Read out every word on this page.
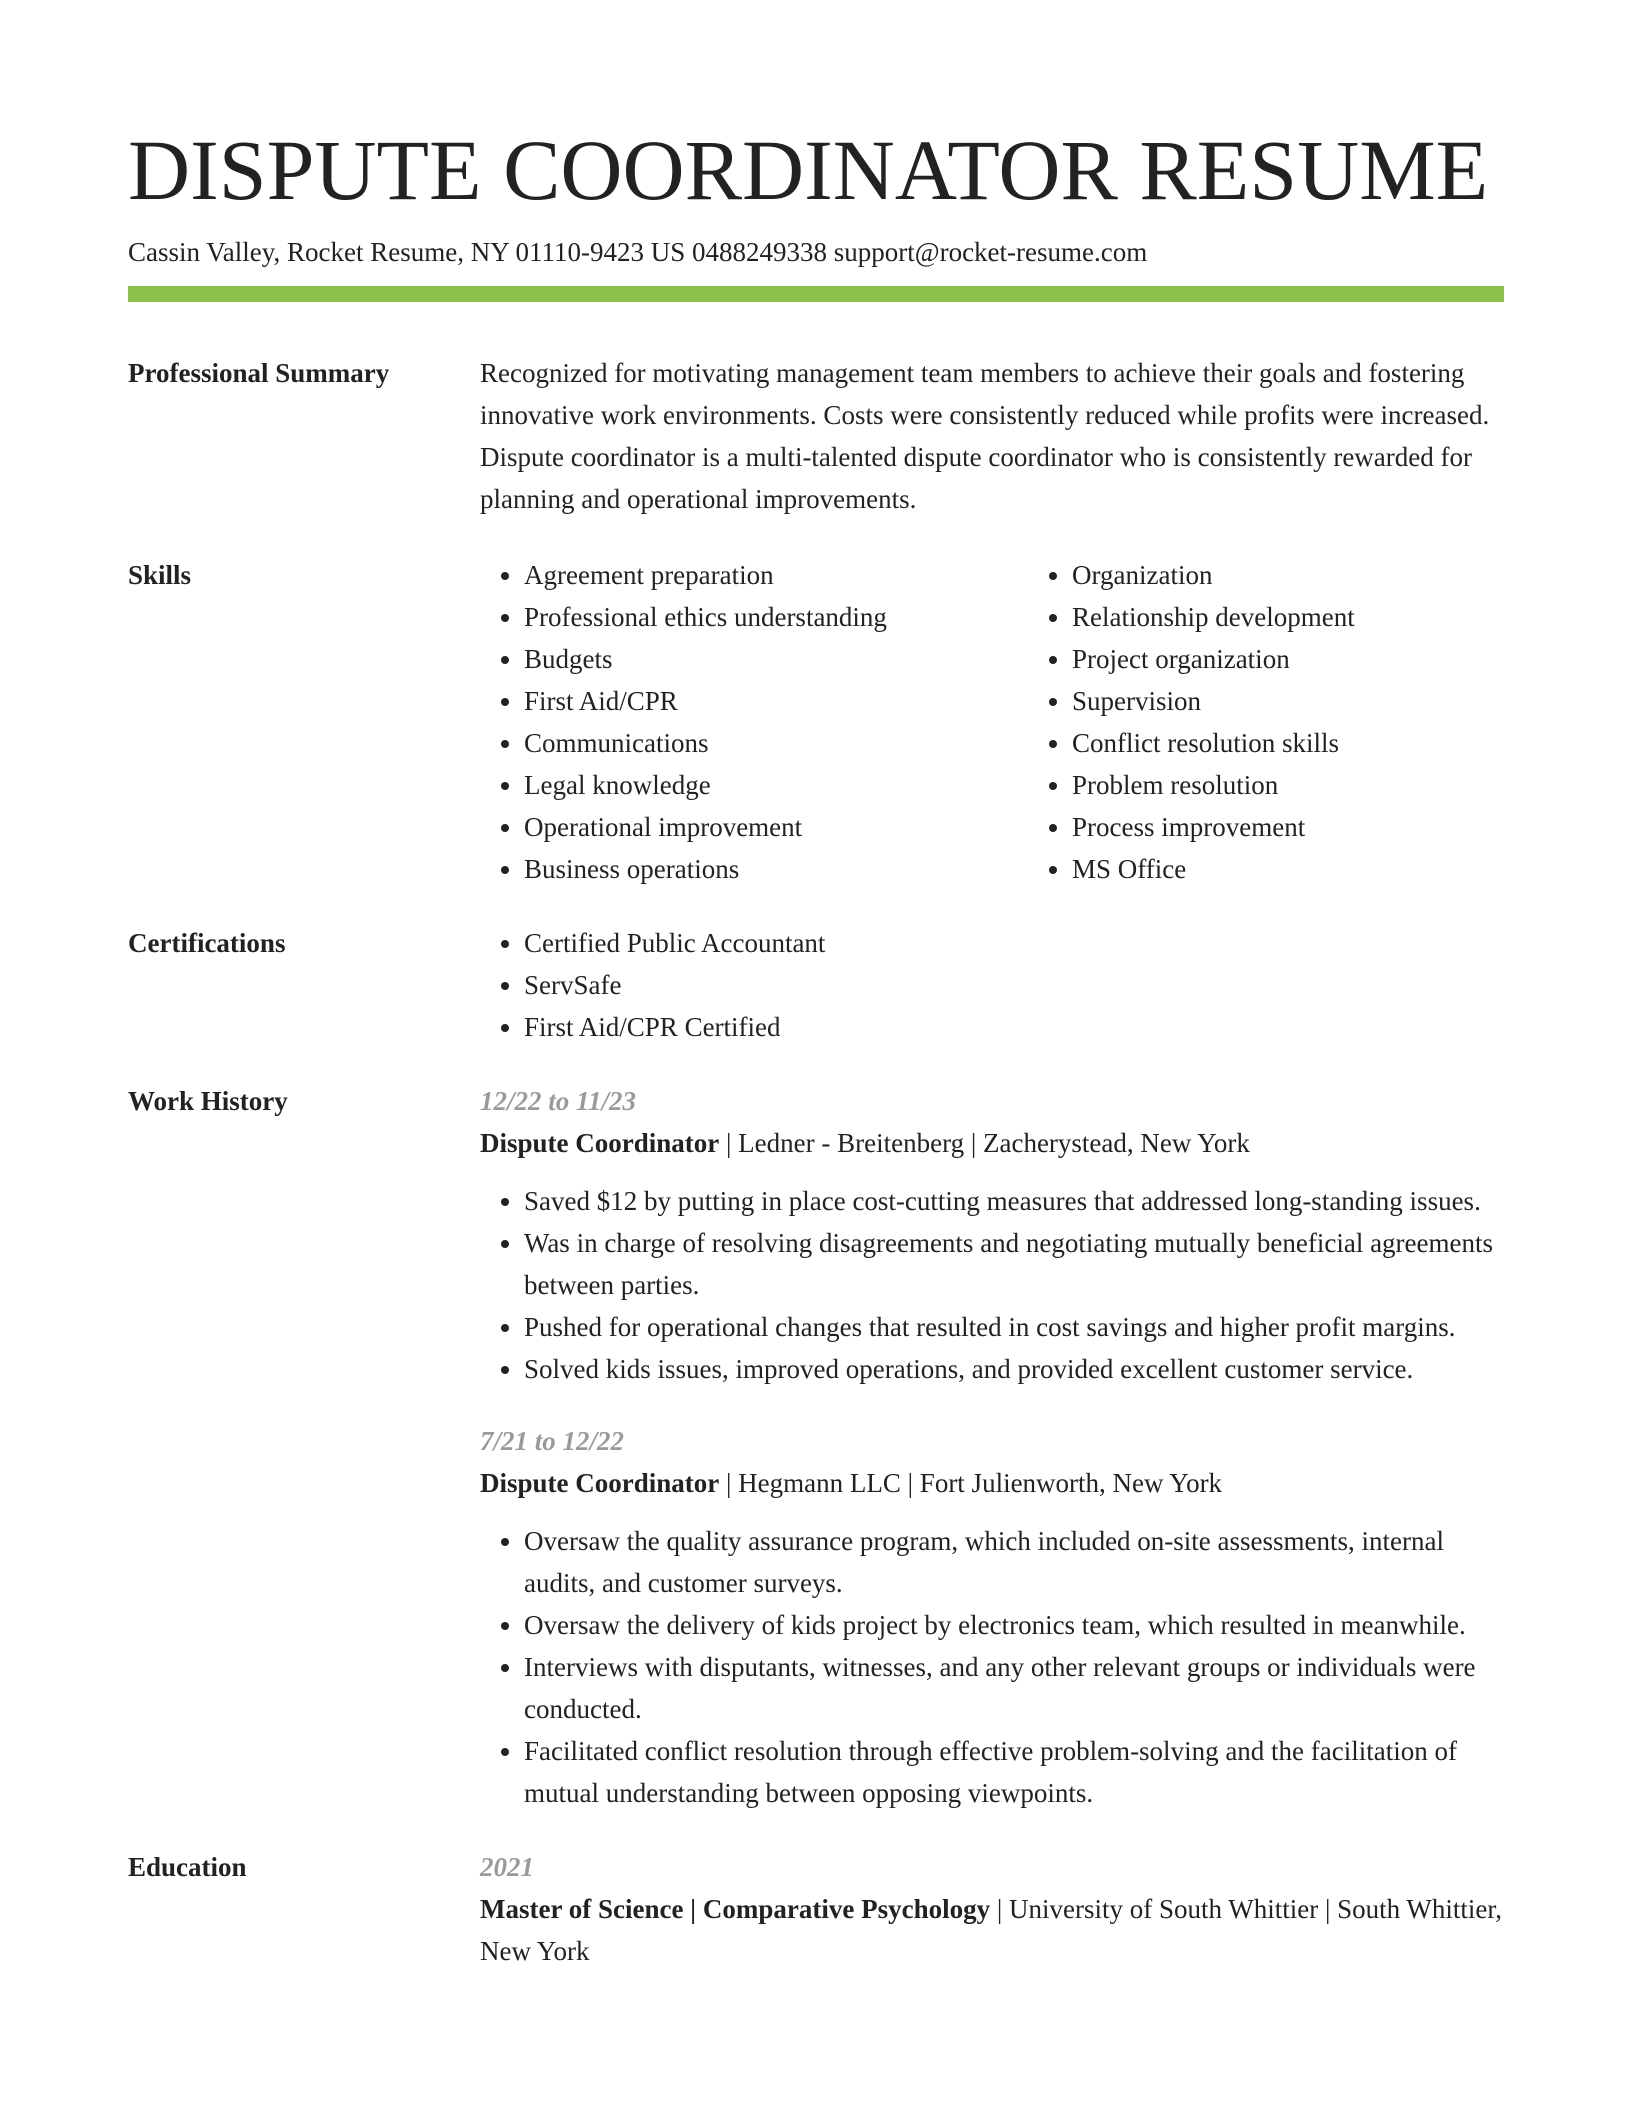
DISPUTE COORDINATOR RESUME
Cassin Valley, Rocket Resume, NY 01110-9423 US 0488249338 support@rocket-resume.com
Professional Summary	Recognized for motivating management team members to achieve their goals and fostering innovative work environments. Costs were consistently reduced while profits were increased. Dispute coordinator is a multi-talented dispute coordinator who is consistently rewarded for planning and operational improvements.

Skills	• Agreement preparation
• Professional ethics understanding
• Budgets
• First Aid/CPR
• Communications
• Legal knowledge
• Operational improvement
• Business operations
• Organization
• Relationship development
• Project organization
• Supervision
• Conflict resolution skills
• Problem resolution
• Process improvement
• MS Office
Certifications	• Certified Public Accountant
• ServSafe
• First Aid/CPR Certified
Work History	12/22 to 11/23
Dispute Coordinator | Ledner - Breitenberg | Zacherystead, New York
• Saved $12 by putting in place cost-cutting measures that addressed long-standing issues.
• Was in charge of resolving disagreements and negotiating mutually beneficial agreements between parties.
• Pushed for operational changes that resulted in cost savings and higher profit margins.
• Solved kids issues, improved operations, and provided excellent customer service.
7/21 to 12/22
Dispute Coordinator | Hegmann LLC | Fort Julienworth, New York
• Oversaw the quality assurance program, which included on-site assessments, internal audits, and customer surveys.
• Oversaw the delivery of kids project by electronics team, which resulted in meanwhile.
• Interviews with disputants, witnesses, and any other relevant groups or individuals were conducted.
• Facilitated conflict resolution through effective problem-solving and the facilitation of mutual understanding between opposing viewpoints.
Education	2021
Master of Science | Comparative Psychology | University of South Whittier | South Whittier, New York
